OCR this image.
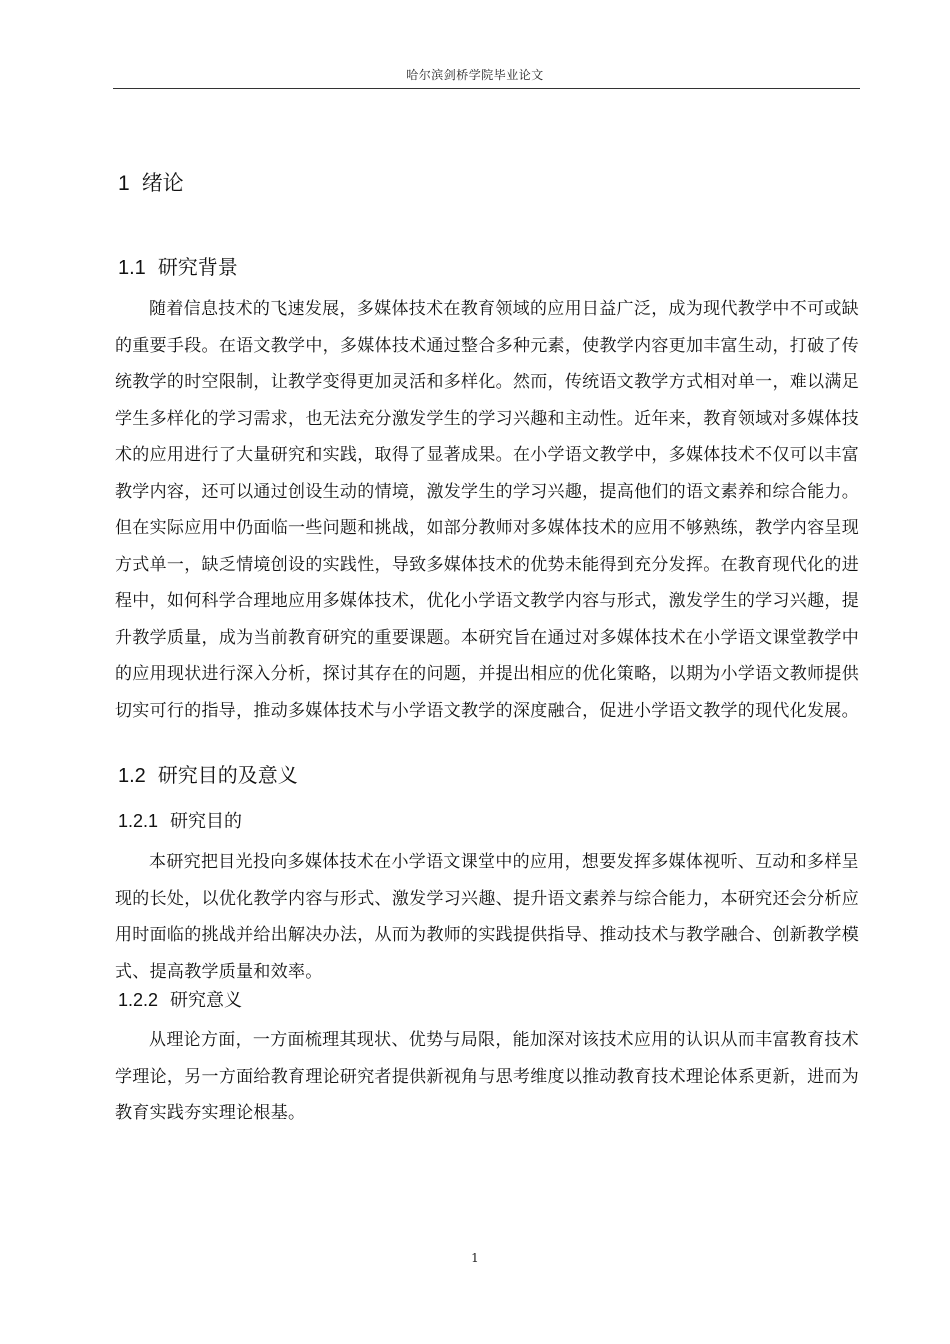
哈尔滨剑桥学院毕业论文
1 绪论
1.1 研究背景

随着信息技术的飞速发展，多媒体技术在教育领域的应用日益广泛，成为现代教学中不可或缺的重要手段。在语文教学中，多媒体技术通过整合多种元素，使教学内容更加丰富生动，打破了传统教学的时空限制，让教学变得更加灵活和多样化。然而，传统语文教学方式相对单一，难以满足学生多样化的学习需求，也无法充分激发学生的学习兴趣和主动性。近年来，教育领域对多媒体技术的应用进行了大量研究和实践，取得了显著成果。在小学语文教学中，多媒体技术不仅可以丰富教学内容，还可以通过创设生动的情境，激发学生的学习兴趣，提高他们的语文素养和综合能力。但在实际应用中仍面临一些问题和挑战，如部分教师对多媒体技术的应用不够熟练，教学内容呈现方式单一，缺乏情境创设的实践性，导致多媒体技术的优势未能得到充分发挥。在教育现代化的进程中，如何科学合理地应用多媒体技术，优化小学语文教学内容与形式，激发学生的学习兴趣，提升教学质量，成为当前教育研究的重要课题。本研究旨在通过对多媒体技术在小学语文课堂教学中的应用现状进行深入分析，探讨其存在的问题，并提出相应的优化策略，以期为小学语文教师提供切实可行的指导，推动多媒体技术与小学语文教学的深度融合，促进小学语文教学的现代化发展。

1.2 研究目的及意义
1.2.1 研究目的

本研究把目光投向多媒体技术在小学语文课堂中的应用，想要发挥多媒体视听、互动和多样呈现的长处，以优化教学内容与形式、激发学习兴趣、提升语文素养与综合能力，本研究还会分析应用时面临的挑战并给出解决办法，从而为教师的实践提供指导、推动技术与教学融合、创新教学模式、提高教学质量和效率。

1.2.2 研究意义

从理论方面，一方面梳理其现状、优势与局限，能加深对该技术应用的认识从而丰富教育技术学理论，另一方面给教育理论研究者提供新视角与思考维度以推动教育技术理论体系更新，进而为教育实践夯实理论根基。

1
